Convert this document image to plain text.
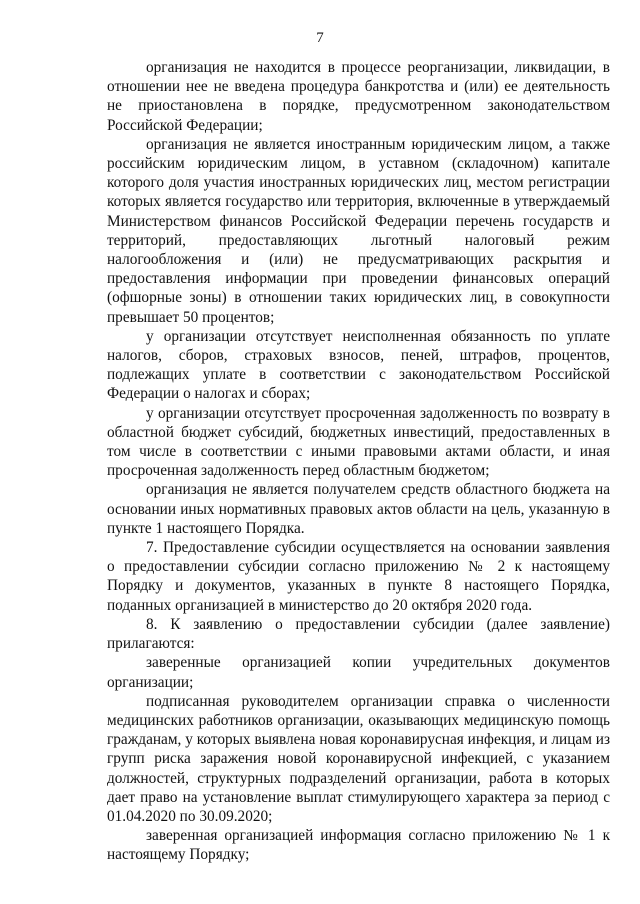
7

организация не находится в процессе реорганизации, ликвидации, в отношении нее не введена процедура банкротства и (или) ее деятельность не приостановлена в порядке, предусмотренном законодательством Российской Федерации;

организация не является иностранным юридическим лицом, а также российским юридическим лицом, в уставном (складочном) капитале которого доля участия иностранных юридических лиц, местом регистрации которых является государство или территория, включенные в утверждаемый Министерством финансов Российской Федерации перечень государств и территорий, предоставляющих льготный налоговый режим налогообложения и (или) не предусматривающих раскрытия и предоставления информации при проведении финансовых операций (офшорные зоны) в отношении таких юридических лиц, в совокупности превышает 50 процентов;

у организации отсутствует неисполненная обязанность по уплате налогов, сборов, страховых взносов, пеней, штрафов, процентов, подлежащих уплате в соответствии с законодательством Российской Федерации о налогах и сборах;

у организации отсутствует просроченная задолженность по возврату в областной бюджет субсидий, бюджетных инвестиций, предоставленных в том числе в соответствии с иными правовыми актами области, и иная просроченная задолженность перед областным бюджетом;

организация не является получателем средств областного бюджета на основании иных нормативных правовых актов области на цель, указанную в пункте 1 настоящего Порядка.

7. Предоставление субсидии осуществляется на основании заявления о предоставлении субсидии согласно приложению № 2 к настоящему Порядку и документов, указанных в пункте 8 настоящего Порядка, поданных организацией в министерство до 20 октября 2020 года.

8. К заявлению о предоставлении субсидии (далее заявление) прилагаются:

заверенные организацией копии учредительных документов организации;

подписанная руководителем организации справка о численности медицинских работников организации, оказывающих медицинскую помощь гражданам, у которых выявлена новая коронавирусная инфекция, и лицам из групп риска заражения новой коронавирусной инфекцией, с указанием должностей, структурных подразделений организации, работа в которых дает право на установление выплат стимулирующего характера за период с 01.04.2020 по 30.09.2020;

заверенная организацией информация согласно приложению № 1 к настоящему Порядку;
